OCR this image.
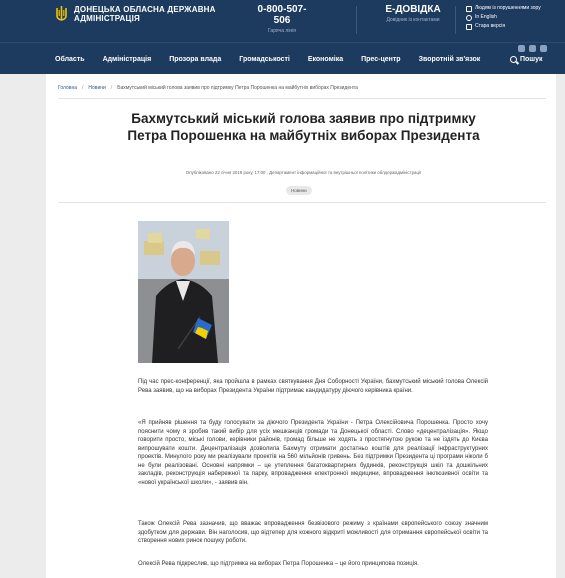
ДОНЕЦЬКА ОБЛАСНА ДЕРЖАВНА
АДМІНІСТРАЦІЯ
0-800-507-506
Гаряча лінія
Е-ДОВІДКА
Довідник із контактами
Людям із порушеннями зору
In English
Стара версія
Область	Адміністрація	Прозора влада	Громадськості	Економіка	Прес-центр	Зворотній зв'язок	Пошук
Головна / Новини / Бахмутський міський голова заявив про підтримку Петра Порошенка на майбутніх виборах Президента
Бахмутський міський голова заявив про підтримку Петра Порошенка на майбутніх виборах Президента
Опубліковано 22 січня 2019 року, 17:00 , Департамент інформаційної та внутрішньої політики облдержадміністрації
Новини

Під час прес-конференції, яка пройшла в рамках святкування Дня Соборності України, бахмутський міський голова Олексій Рева заявив, що на виборах Президента України підтримає кандидатуру діючого керівника країни.

«Я прийняв рішення та буду голосувати за діючого Президента України - Петра Олексійовича Порошенка. Просто хочу пояснити чому я зробив такий вибір для усіх мешканців громади та Донецької області. Слово «децентралізація». Якщо говорити просто, міські голови, керівники районів, громад більше не ходять з простягнутою рукою та не їздять до Києва випрошувати кошти. Децентралізація дозволила Бахмуту отримати достатньо коштів для реалізації інфраструктурних проектів. Минулого року ми реалізували проектів на 560 мільйонів гривень. Без підтримки Президента ці програми ніколи б не були реалізовані. Основні напрямки – це утеплення багатоквартирних будинків, реконструкція шкіл та дошкільних закладів, реконструкція набережної та парку, впровадження електронної медицини, впровадження інклюзивної освіти та «нової української школи», - заявив він.

Також Олексій Рева зазначив, що вважає впровадження безвізового режиму з країнами європейського союзу значним здобутком для держави. Він наголосив, що відтепер для кожного відкриті можливості для отримання європейської освіти та створення нових ринок пошуку роботи.

Олексій Рева підкреслив, що підтримка на виборах Петра Порошенка – це його принципова позиція.
